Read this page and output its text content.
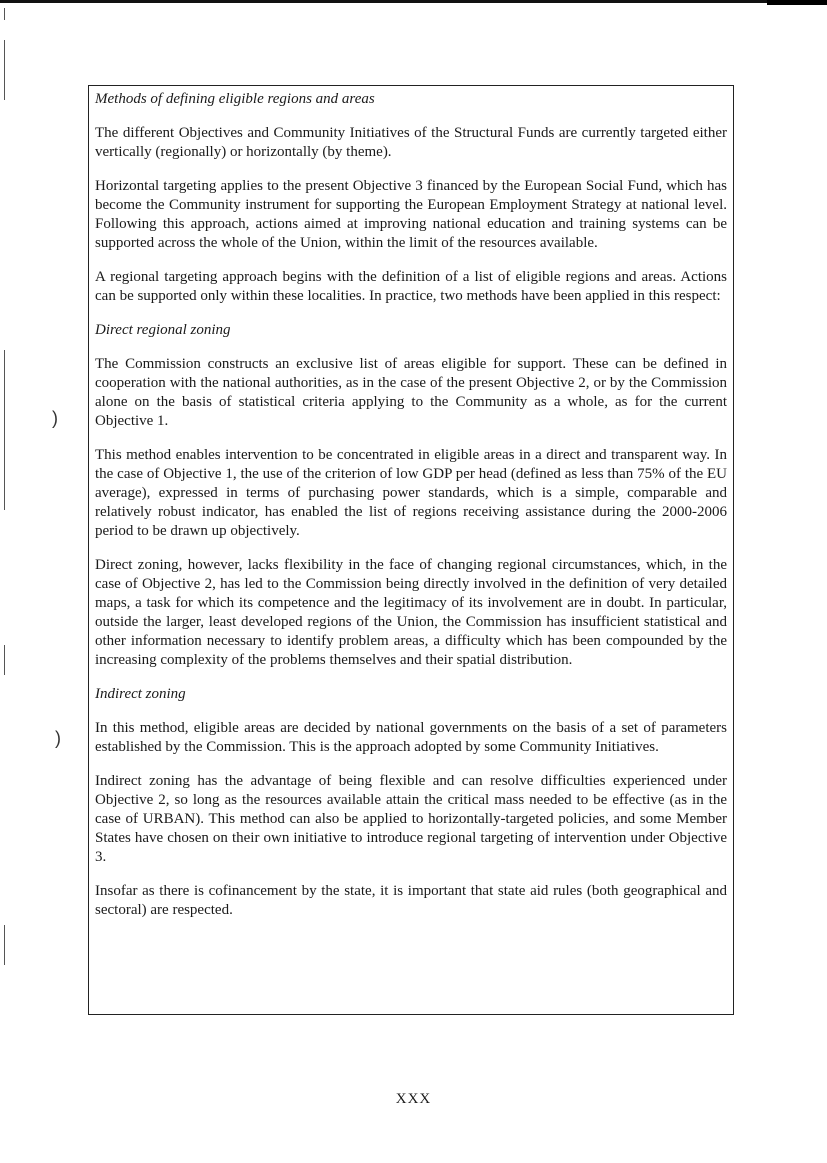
)
)
Methods of defining eligible regions and areas

The different Objectives and Community Initiatives of the Structural Funds are currently targeted either vertically (regionally) or horizontally (by theme).

Horizontal targeting applies to the present Objective 3 financed by the European Social Fund, which has become the Community instrument for supporting the European Employment Strategy at national level. Following this approach, actions aimed at improving national education and training systems can be supported across the whole of the Union, within the limit of the resources available.

A regional targeting approach begins with the definition of a list of eligible regions and areas. Actions can be supported only within these localities. In practice, two methods have been applied in this respect:

Direct regional zoning

The Commission constructs an exclusive list of areas eligible for support. These can be defined in cooperation with the national authorities, as in the case of the present Objective 2, or by the Commission alone on the basis of statistical criteria applying to the Community as a whole, as for the current Objective 1.

This method enables intervention to be concentrated in eligible areas in a direct and transparent way. In the case of Objective 1, the use of the criterion of low GDP per head (defined as less than 75% of the EU average), expressed in terms of purchasing power standards, which is a simple, comparable and relatively robust indicator, has enabled the list of regions receiving assistance during the 2000-2006 period to be drawn up objectively.

Direct zoning, however, lacks flexibility in the face of changing regional circumstances, which, in the case of Objective 2, has led to the Commission being directly involved in the definition of very detailed maps, a task for which its competence and the legitimacy of its involvement are in doubt. In particular, outside the larger, least developed regions of the Union, the Commission has insufficient statistical and other information necessary to identify problem areas, a difficulty which has been compounded by the increasing complexity of the problems themselves and their spatial distribution.

Indirect zoning

In this method, eligible areas are decided by national governments on the basis of a set of parameters established by the Commission. This is the approach adopted by some Community Initiatives.

Indirect zoning has the advantage of being flexible and can resolve difficulties experienced under Objective 2, so long as the resources available attain the critical mass needed to be effective (as in the case of URBAN). This method can also be applied to horizontally-targeted policies, and some Member States have chosen on their own initiative to introduce regional targeting of intervention under Objective 3.

Insofar as there is cofinancement by the state, it is important that state aid rules (both geographical and sectoral) are respected.

XXX
